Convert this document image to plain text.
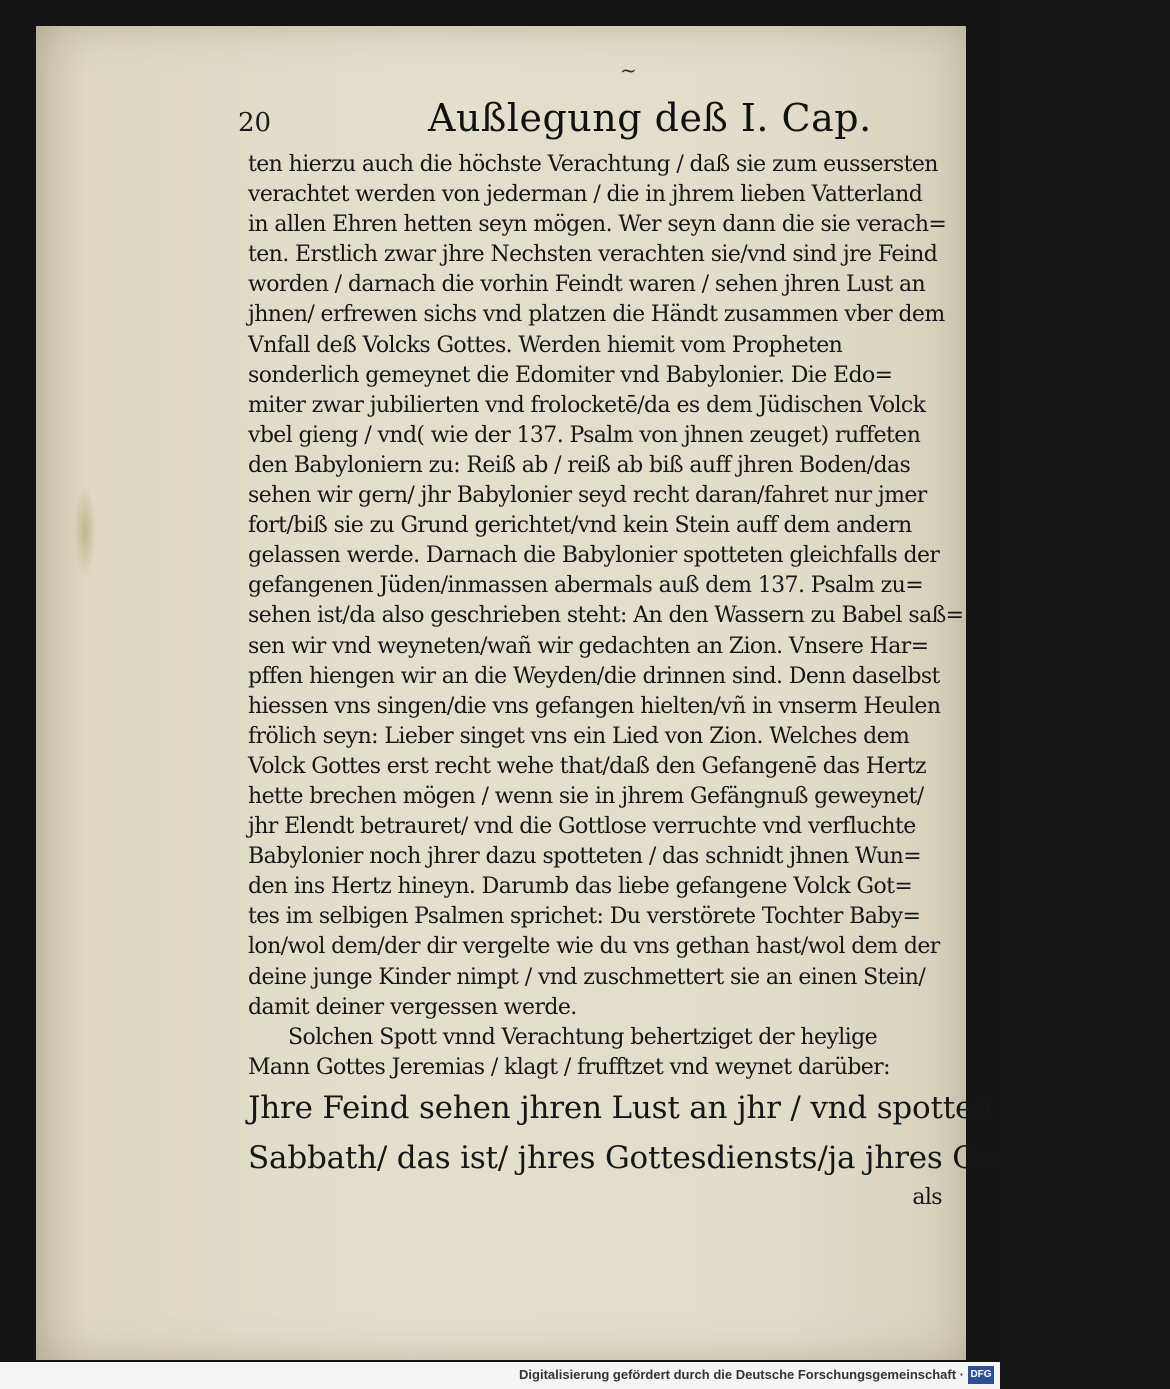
~
20	Außlegung deß I. Cap.
ten hierzu auch die höchste Verachtung / daß sie zum eussersten
verachtet werden von jederman / die in jhrem lieben Vatterland
in allen Ehren hetten seyn mögen. Wer seyn dann die sie verach=
ten. Erstlich zwar jhre Nechsten verachten sie/vnd sind jre Feind
worden / darnach die vorhin Feindt waren / sehen jhren Lust an
jhnen/ erfrewen sichs vnd platzen die Händt zusammen vber dem
Vnfall deß Volcks Gottes. Werden hiemit vom Propheten
sonderlich gemeynet die Edomiter vnd Babylonier. Die Edo=
miter zwar jubilierten vnd frolocketē/da es dem Jüdischen Volck
vbel gieng / vnd( wie der 137. Psalm von jhnen zeuget) ruffeten
den Babyloniern zu: Reiß ab / reiß ab biß auff jhren Boden/das
sehen wir gern/ jhr Babylonier seyd recht daran/fahret nur jmer
fort/biß sie zu Grund gerichtet/vnd kein Stein auff dem andern
gelassen werde. Darnach die Babylonier spotteten gleichfalls der
gefangenen Jüden/inmassen abermals auß dem 137. Psalm zu=
sehen ist/da also geschrieben steht: An den Wassern zu Babel saß=
sen wir vnd weyneten/wañ wir gedachten an Zion. Vnsere Har=
pffen hiengen wir an die Weyden/die drinnen sind. Denn daselbst
hiessen vns singen/die vns gefangen hielten/vñ in vnserm Heulen
frölich seyn: Lieber singet vns ein Lied von Zion. Welches dem
Volck Gottes erst recht wehe that/daß den Gefangenē das Hertz
hette brechen mögen / wenn sie in jhrem Gefängnuß geweynet/
jhr Elendt betrauret/ vnd die Gottlose verruchte vnd verfluchte
Babylonier noch jhrer dazu spotteten / das schnidt jhnen Wun=
den ins Hertz hineyn. Darumb das liebe gefangene Volck Got=
tes im selbigen Psalmen sprichet: Du verstörete Tochter Baby=
lon/wol dem/der dir vergelte wie du vns gethan hast/wol dem der
deine junge Kinder nimpt / vnd zuschmettert sie an einen Stein/
damit deiner vergessen werde.
Solchen Spott vnnd Verachtung behertziget der heylige
Mann Gottes Jeremias / klagt / frufftzet vnd weynet darüber:
Jhre Feind sehen jhren Lust an jhr / vnd spotten jhrer
Sabbath/ das ist/ jhres Gottesdiensts/ja jhres Gottes selber/
als
Digitalisierung gefördert durch die Deutsche Forschungsgemeinschaft · DFG
